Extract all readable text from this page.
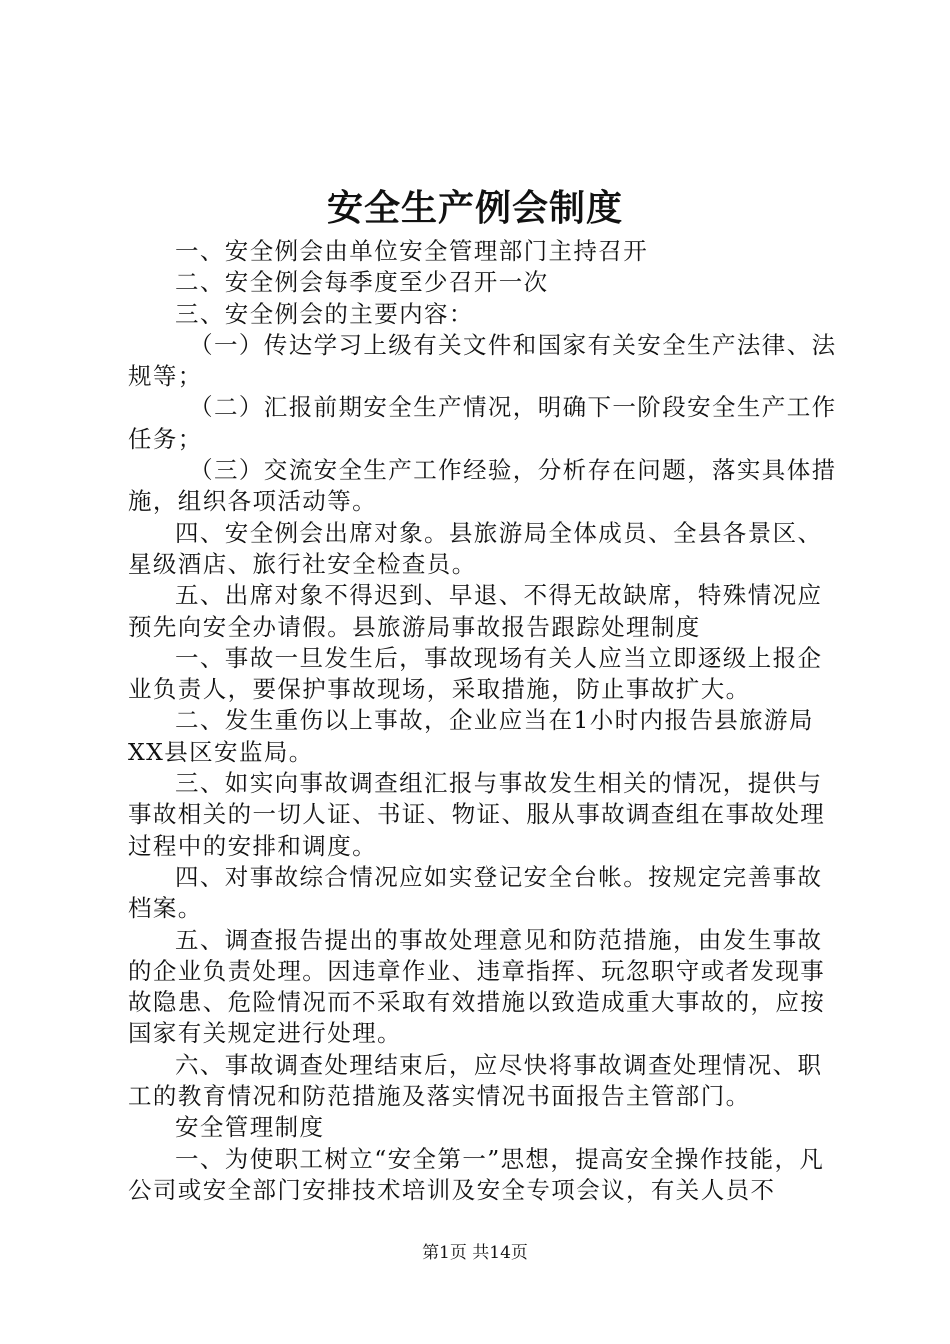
安全生产例会制度

一、安全例会由单位安全管理部门主持召开

二、安全例会每季度至少召开一次

三、安全例会的主要内容：

（一）传达学习上级有关文件和国家有关安全生产法律、法规等；

（二）汇报前期安全生产情况，明确下一阶段安全生产工作任务；

（三）交流安全生产工作经验，分析存在问题，落实具体措施，组织各项活动等。

四、安全例会出席对象。县旅游局全体成员、全县各景区、星级酒店、旅行社安全检查员。

五、出席对象不得迟到、早退、不得无故缺席，特殊情况应预先向安全办请假。县旅游局事故报告跟踪处理制度

一、事故一旦发生后，事故现场有关人应当立即逐级上报企业负责人，要保护事故现场，采取措施，防止事故扩大。

二、发生重伤以上事故，企业应当在1小时内报告县旅游局XX县区安监局。

三、如实向事故调查组汇报与事故发生相关的情况，提供与事故相关的一切人证、书证、物证、服从事故调查组在事故处理过程中的安排和调度。

四、对事故综合情况应如实登记安全台帐。按规定完善事故档案。

五、调查报告提出的事故处理意见和防范措施，由发生事故的企业负责处理。因违章作业、违章指挥、玩忽职守或者发现事故隐患、危险情况而不采取有效措施以致造成重大事故的，应按国家有关规定进行处理。

六、事故调查处理结束后，应尽快将事故调查处理情况、职工的教育情况和防范措施及落实情况书面报告主管部门。

安全管理制度

一、为使职工树立“安全第一”思想，提高安全操作技能，凡公司或安全部门安排技术培训及安全专项会议，有关人员不

第1页 共14页
